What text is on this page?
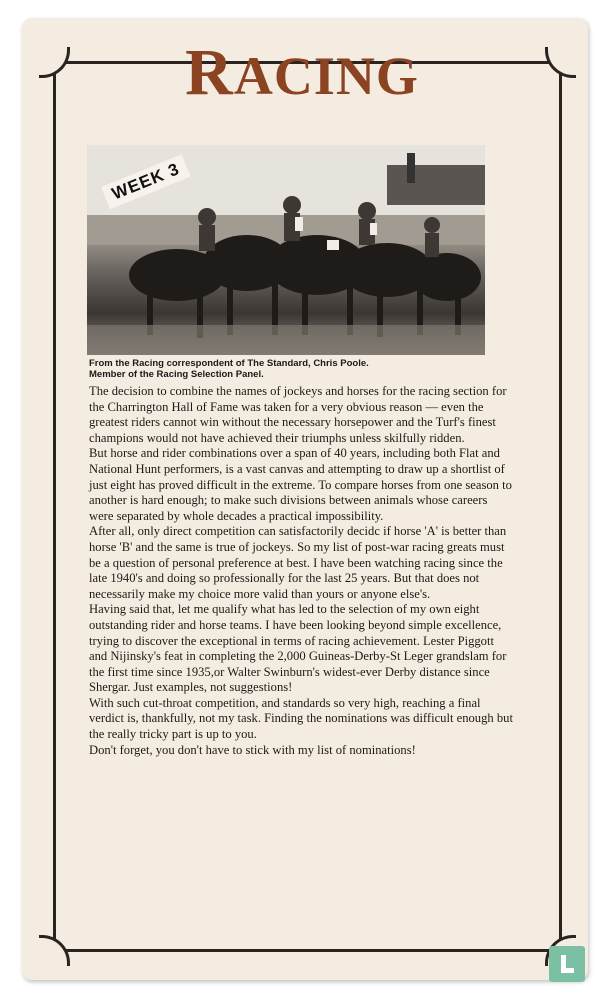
RACING
WEEK 3
From the Racing correspondent of The Standard, Chris Poole.
Member of the Racing Selection Panel.

The decision to combine the names of jockeys and horses for the racing section for the Charrington Hall of Fame was taken for a very obvious reason — even the greatest riders cannot win without the necessary horsepower and the Turf's finest champions would not have achieved their triumphs unless skilfully ridden.

But horse and rider combinations over a span of 40 years, including both Flat and National Hunt performers, is a vast canvas and attempting to draw up a shortlist of just eight has proved difficult in the extreme. To compare horses from one season to another is hard enough; to make such divisions between animals whose careers were separated by whole decades a practical impossibility.

After all, only direct competition can satisfactorily decidc if horse 'A' is better than horse 'B' and the same is true of jockeys. So my list of post-war racing greats must be a question of personal preference at best. I have been watching racing since the late 1940's and doing so professionally for the last 25 years. But that does not necessarily make my choice more valid than yours or anyone else's.

Having said that, let me qualify what has led to the selection of my own eight outstanding rider and horse teams. I have been looking beyond simple excellence, trying to discover the exceptional in terms of racing achievement. Lester Piggott and Nijinsky's feat in completing the 2,000 Guineas-Derby-St Leger grandslam for the first time since 1935,or Walter Swinburn's widest-ever Derby distance since Shergar. Just examples, not suggestions!

With such cut-throat competition, and standards so very high, reaching a final verdict is, thankfully, not my task. Finding the nominations was difficult enough but the really tricky part is up to you.

Don't forget, you don't have to stick with my list of nominations!
